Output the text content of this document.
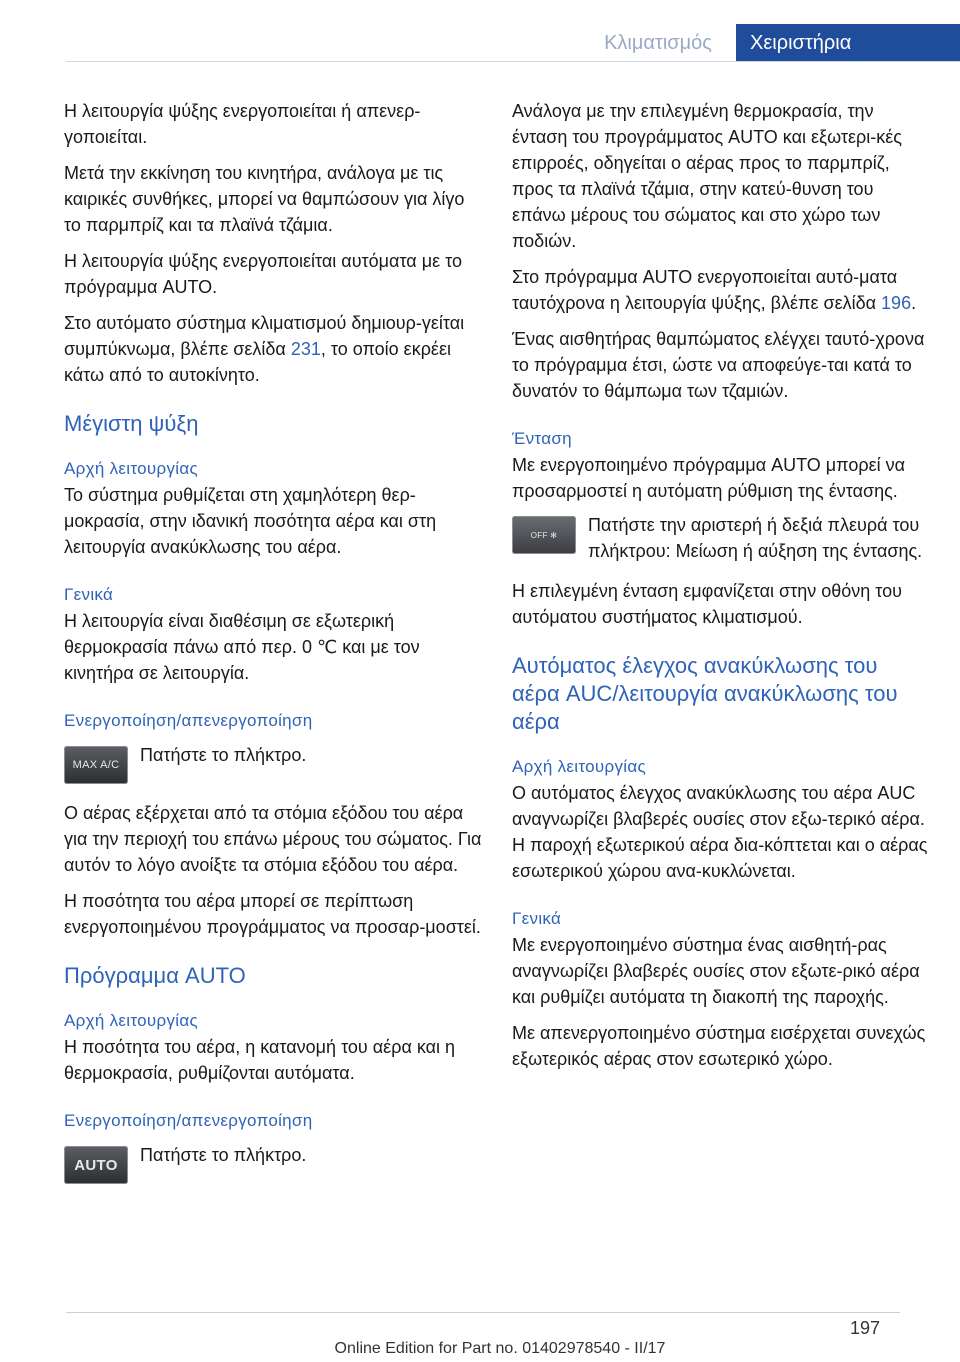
Κλιματισμός	Χειριστήρια

Η λειτουργία ψύξης ενεργοποιείται ή απενερ-γοποιείται.

Μετά την εκκίνηση του κινητήρα, ανάλογα με τις καιρικές συνθήκες, μπορεί να θαμπώσουν για λίγο το παρμπρίζ και τα πλαϊνά τζάμια.

Η λειτουργία ψύξης ενεργοποιείται αυτόματα με το πρόγραμμα AUTO.

Στο αυτόματο σύστημα κλιματισμού δημιουρ-γείται συμπύκνωμα, βλέπε σελίδα 231, το οποίο εκρέει κάτω από το αυτοκίνητο.

Μέγιστη ψύξη
Αρχή λειτουργίας

Το σύστημα ρυθμίζεται στη χαμηλότερη θερ-μοκρασία, στην ιδανική ποσότητα αέρα και στη λειτουργία ανακύκλωσης του αέρα.

Γενικά

Η λειτουργία είναι διαθέσιμη σε εξωτερική θερμοκρασία πάνω από περ. 0 ℃ και με τον κινητήρα σε λειτουργία.

Ενεργοποίηση/απενεργοποίηση
MAX A/C Πατήστε το πλήκτρο.

Ο αέρας εξέρχεται από τα στόμια εξόδου του αέρα για την περιοχή του επάνω μέρους του σώματος. Για αυτόν το λόγο ανοίξτε τα στόμια εξόδου του αέρα.

Η ποσότητα του αέρα μπορεί σε περίπτωση ενεργοποιημένου προγράμματος να προσαρ-μοστεί.

Πρόγραμμα AUTO
Αρχή λειτουργίας

Η ποσότητα του αέρα, η κατανομή του αέρα και η θερμοκρασία, ρυθμίζονται αυτόματα.

Ενεργοποίηση/απενεργοποίηση
AUTO Πατήστε το πλήκτρο.

Ανάλογα με την επιλεγμένη θερμοκρασία, την ένταση του προγράμματος AUTO και εξωτερι-κές επιρροές, οδηγείται ο αέρας προς το παρμπρίζ, προς τα πλαϊνά τζάμια, στην κατεύ-θυνση του επάνω μέρους του σώματος και στο χώρο των ποδιών.

Στο πρόγραμμα AUTO ενεργοποιείται αυτό-ματα ταυτόχρονα η λειτουργία ψύξης, βλέπε σελίδα 196.

Ένας αισθητήρας θαμπώματος ελέγχει ταυτό-χρονα το πρόγραμμα έτσι, ώστε να αποφεύγε-ται κατά το δυνατόν το θάμπωμα των τζαμιών.

Ένταση

Με ενεργοποιημένο πρόγραμμα AUTO μπορεί να προσαρμοστεί η αυτόματη ρύθμιση της έντασης.

OFF ✻ Πατήστε την αριστερή ή δεξιά πλευρά του πλήκτρου: Μείωση ή αύξηση της έντασης.

Η επιλεγμένη ένταση εμφανίζεται στην οθόνη του αυτόματου συστήματος κλιματισμού.

Αυτόματος έλεγχος ανακύκλωσης του αέρα AUC/λειτουργία ανακύκλωσης του αέρα
Αρχή λειτουργίας

Ο αυτόματος έλεγχος ανακύκλωσης του αέρα AUC αναγνωρίζει βλαβερές ουσίες στον εξω-τερικό αέρα. Η παροχή εξωτερικού αέρα δια-κόπτεται και ο αέρας εσωτερικού χώρου ανα-κυκλώνεται.

Γενικά

Με ενεργοποιημένο σύστημα ένας αισθητή-ρας αναγνωρίζει βλαβερές ουσίες στον εξωτε-ρικό αέρα και ρυθμίζει αυτόματα τη διακοπή της παροχής.

Με απενεργοποιημένο σύστημα εισέρχεται συνεχώς εξωτερικός αέρας στον εσωτερικό χώρο.

197
Online Edition for Part no. 01402978540 - II/17
